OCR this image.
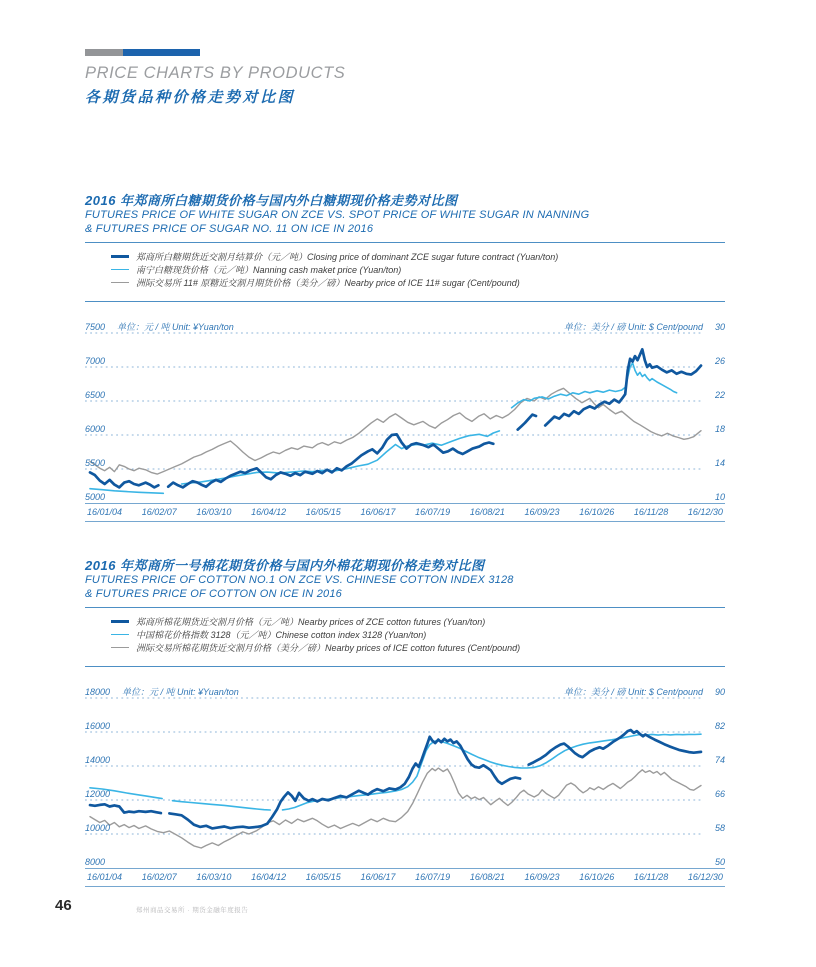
PRICE CHARTS BY PRODUCTS
各期货品种价格走势对比图
2016 年郑商所白糖期货价格与国内外白糖期现价格走势对比图
FUTURES PRICE OF WHITE SUGAR ON ZCE VS. SPOT PRICE OF WHITE SUGAR IN NANNING
& FUTURES PRICE OF SUGAR NO. 11 ON ICE IN 2016
郑商所白糖期货近交割月结算价（元／吨）Closing price of dominant ZCE sugar future contract (Yuan/ton)
南宁白糖现货价格（元／吨）Nanning cash maket price (Yuan/ton)
洲际交易所 11# 原糖近交割月期货价格（美分／磅）Nearby price of ICE 11# sugar (Cent/pound)
7500 单位：元 / 吨 Unit: ¥Yuan/ton	单位：美分 / 磅 Unit: $ Cent/pound 30
7000	26
6500	22
6000	18
5500	14
5000	10
16/01/04 16/02/07 16/03/10 16/04/12 16/05/15 16/06/17 16/07/19 16/08/21 16/09/23 16/10/26 16/11/28 16/12/30
2016 年郑商所一号棉花期货价格与国内外棉花期现价格走势对比图
FUTURES PRICE OF COTTON NO.1 ON ZCE VS. CHINESE COTTON INDEX 3128
& FUTURES PRICE OF COTTON ON ICE IN 2016
郑商所棉花期货近交割月价格（元／吨）Nearby prices of ZCE cotton futures (Yuan/ton)
中国棉花价格指数 3128（元／吨）Chinese cotton index 3128 (Yuan/ton)
洲际交易所棉花期货近交割月价格（美分／磅）Nearby prices of ICE cotton futures (Cent/pound)
18000 单位：元 / 吨 Unit: ¥Yuan/ton	单位：美分 / 磅 Unit: $ Cent/pound 90
16000	82
14000	74
12000	66
10000	58
8000	50
16/01/04 16/02/07 16/03/10 16/04/12 16/05/15 16/06/17 16/07/19 16/08/21 16/09/23 16/10/26 16/11/28 16/12/30
46	郑州商品交易所 · 期货金融年度报告
